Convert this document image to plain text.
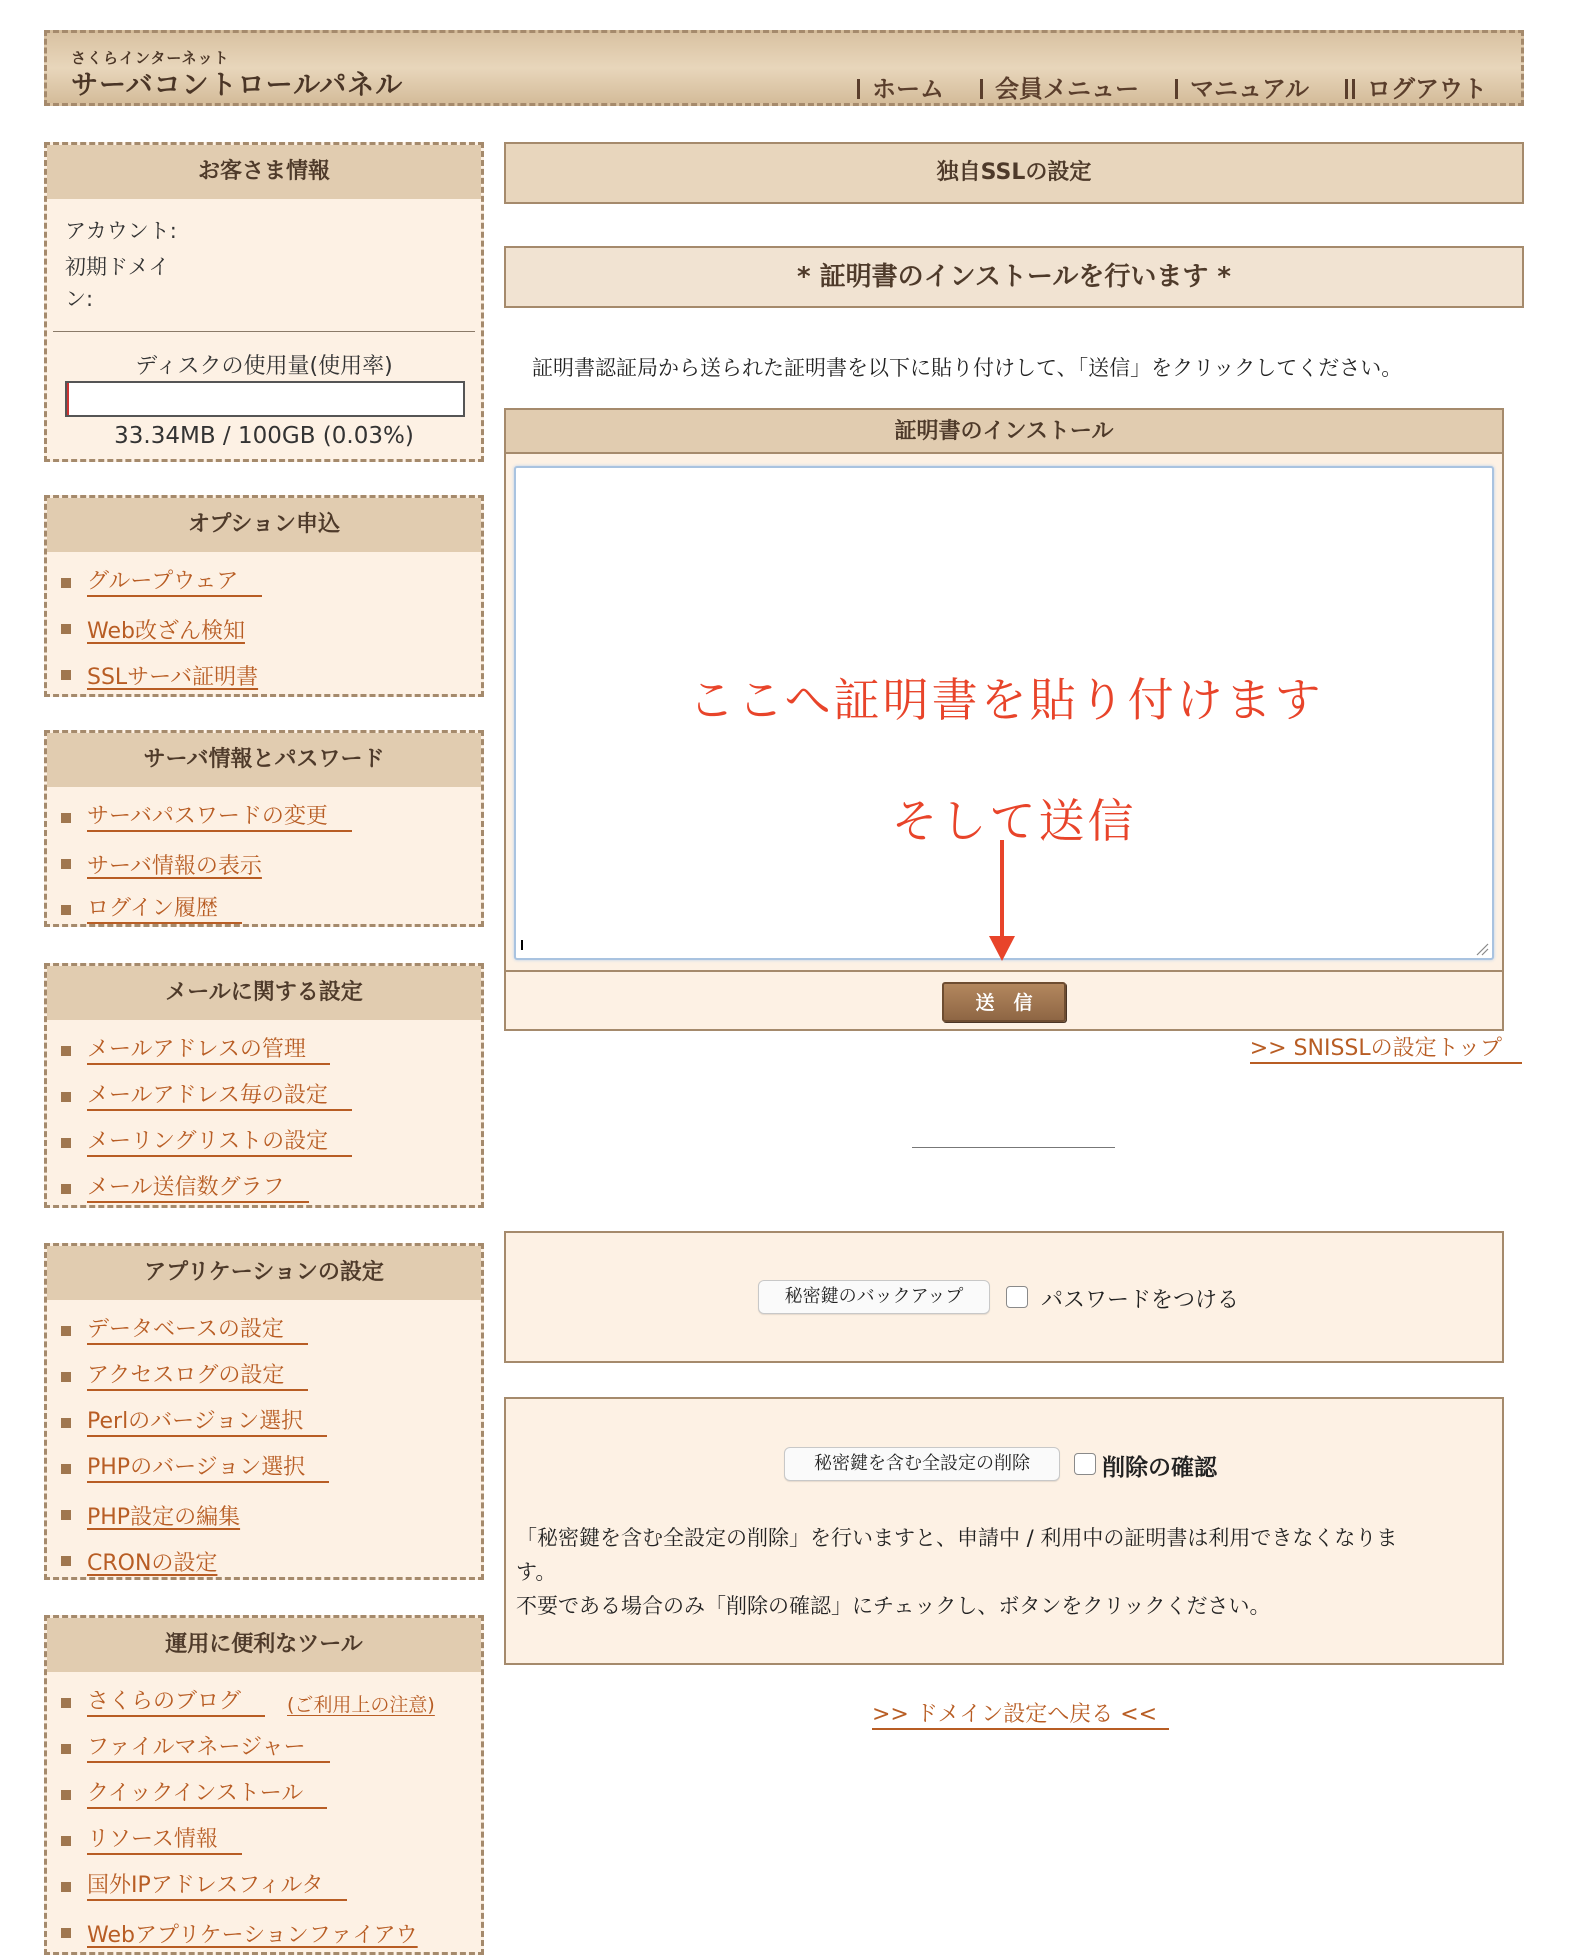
さくらインターネット
サーバコントロールパネル	ホーム	会員メニュー	マニュアル	ログアウト
お客さま情報
アカウント:
初期ドメイ
ン:
ディスクの使用量(使用率)
33.34MB / 100GB (0.03%)
オプション申込
グループウェア
Web改ざん検知
SSLサーバ証明書
サーバ情報とパスワード
サーバパスワードの変更
サーバ情報の表示
ログイン履歴
メールに関する設定
メールアドレスの管理
メールアドレス毎の設定
メーリングリストの設定
メール送信数グラフ
アプリケーションの設定
データベースの設定
アクセスログの設定
Perlのバージョン選択
PHPのバージョン選択
PHP設定の編集
CRONの設定
運用に便利なツール
さくらのブログ	(ご利用上の注意)
ファイルマネージャー
クイックインストール
リソース情報
国外IPアドレスフィルタ
Webアプリケーションファイアウ
独自SSLの設定
* 証明書のインストールを行います *
証明書認証局から送られた証明書を以下に貼り付けして、「送信」をクリックしてください。
証明書のインストール
ここへ証明書を貼り付けます
そして送信
送　信
>> SNISSLの設定トップ
秘密鍵のバックアップ	パスワードをつける
秘密鍵を含む全設定の削除	削除の確認
「秘密鍵を含む全設定の削除」を行いますと、申請中 / 利用中の証明書は利用できなくなりま
す。
不要である場合のみ「削除の確認」にチェックし、ボタンをクリックください。
>> ドメイン設定へ戻る <<
